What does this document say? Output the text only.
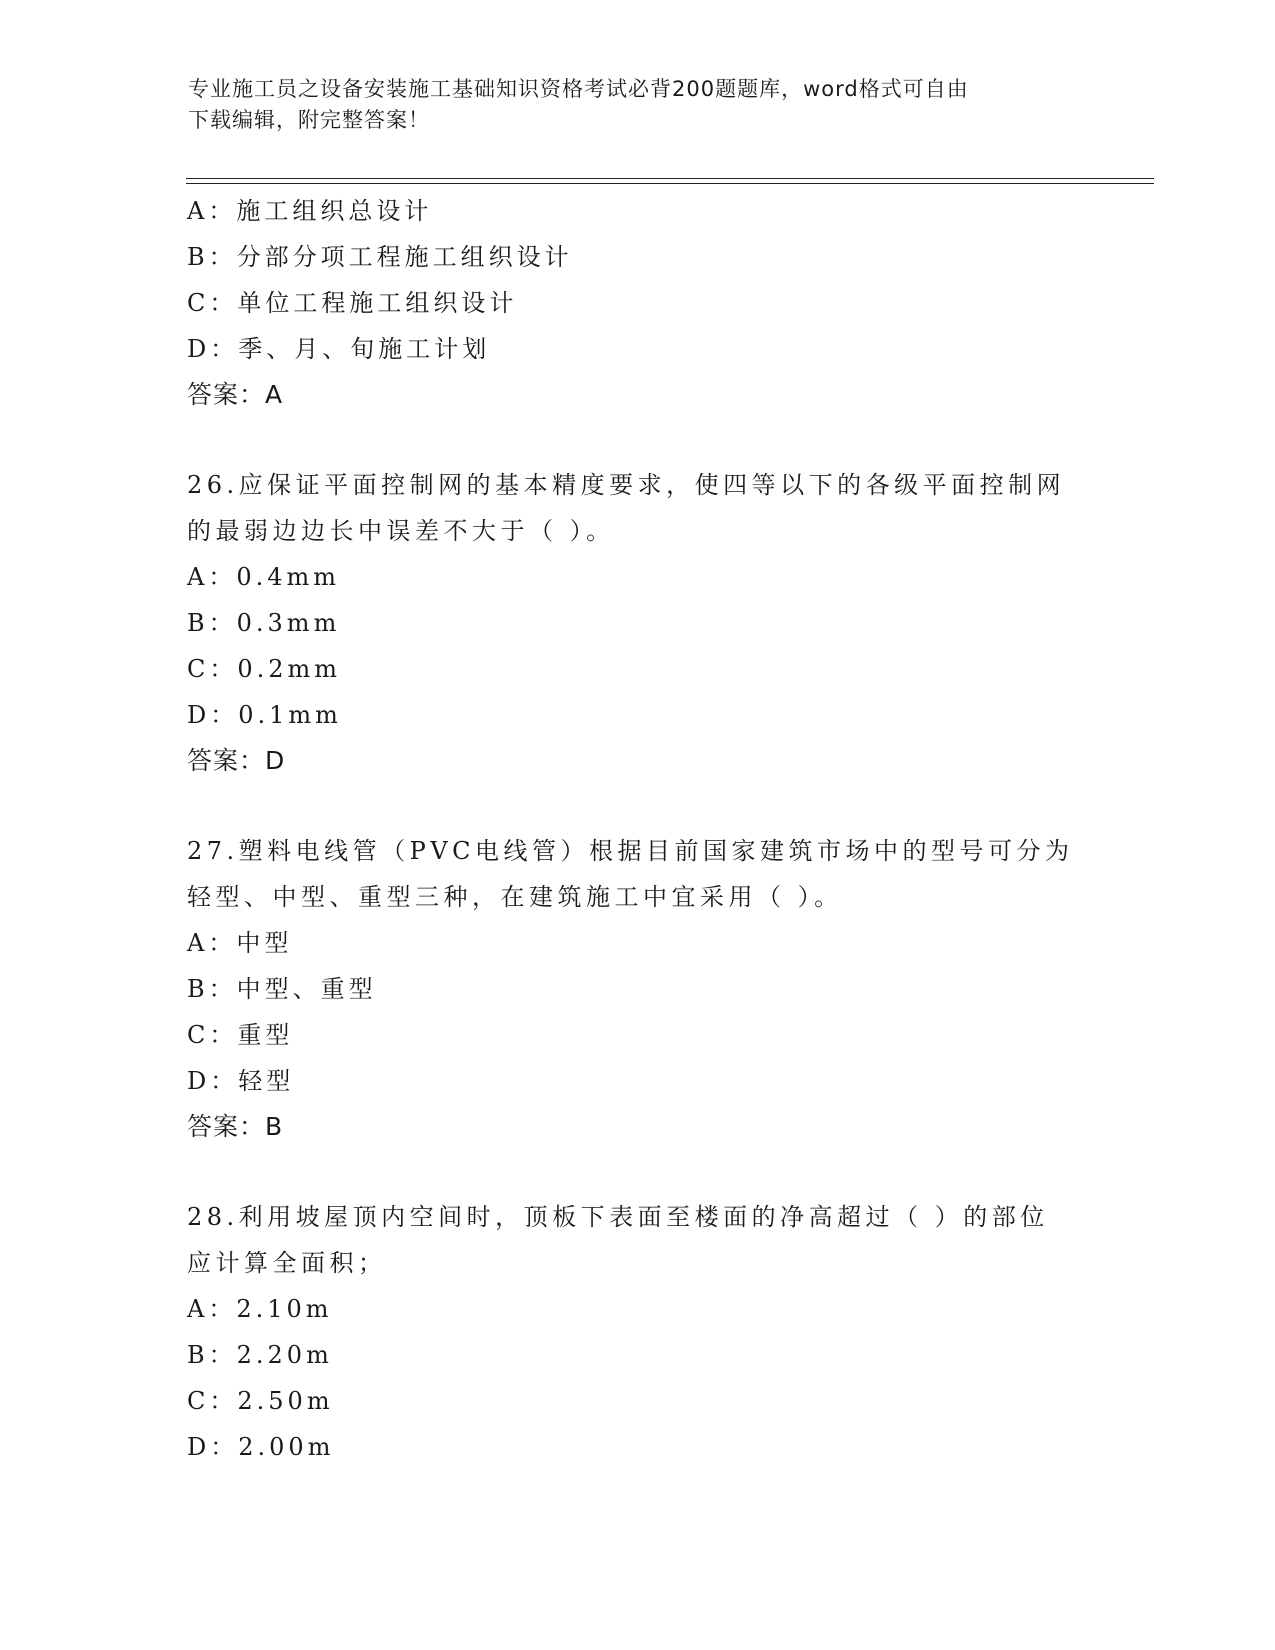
专业施工员之设备安装施工基础知识资格考试必背200题题库，word格式可自由
下载编辑，附完整答案！
A：施工组织总设计
B：分部分项工程施工组织设计
C：单位工程施工组织设计
D：季、月、旬施工计划
答案：A
26.应保证平面控制网的基本精度要求，使四等以下的各级平面控制网
的最弱边边长中误差不大于（ ）。
A：0.4mm
B：0.3mm
C：0.2mm
D：0.1mm
答案：D
27.塑料电线管（PVC电线管）根据目前国家建筑市场中的型号可分为
轻型、中型、重型三种，在建筑施工中宜采用（ ）。
A：中型
B：中型、重型
C：重型
D：轻型
答案：B
28.利用坡屋顶内空间时，顶板下表面至楼面的净高超过（ ）的部位
应计算全面积；
A：2.10m
B：2.20m
C：2.50m
D：2.00m
